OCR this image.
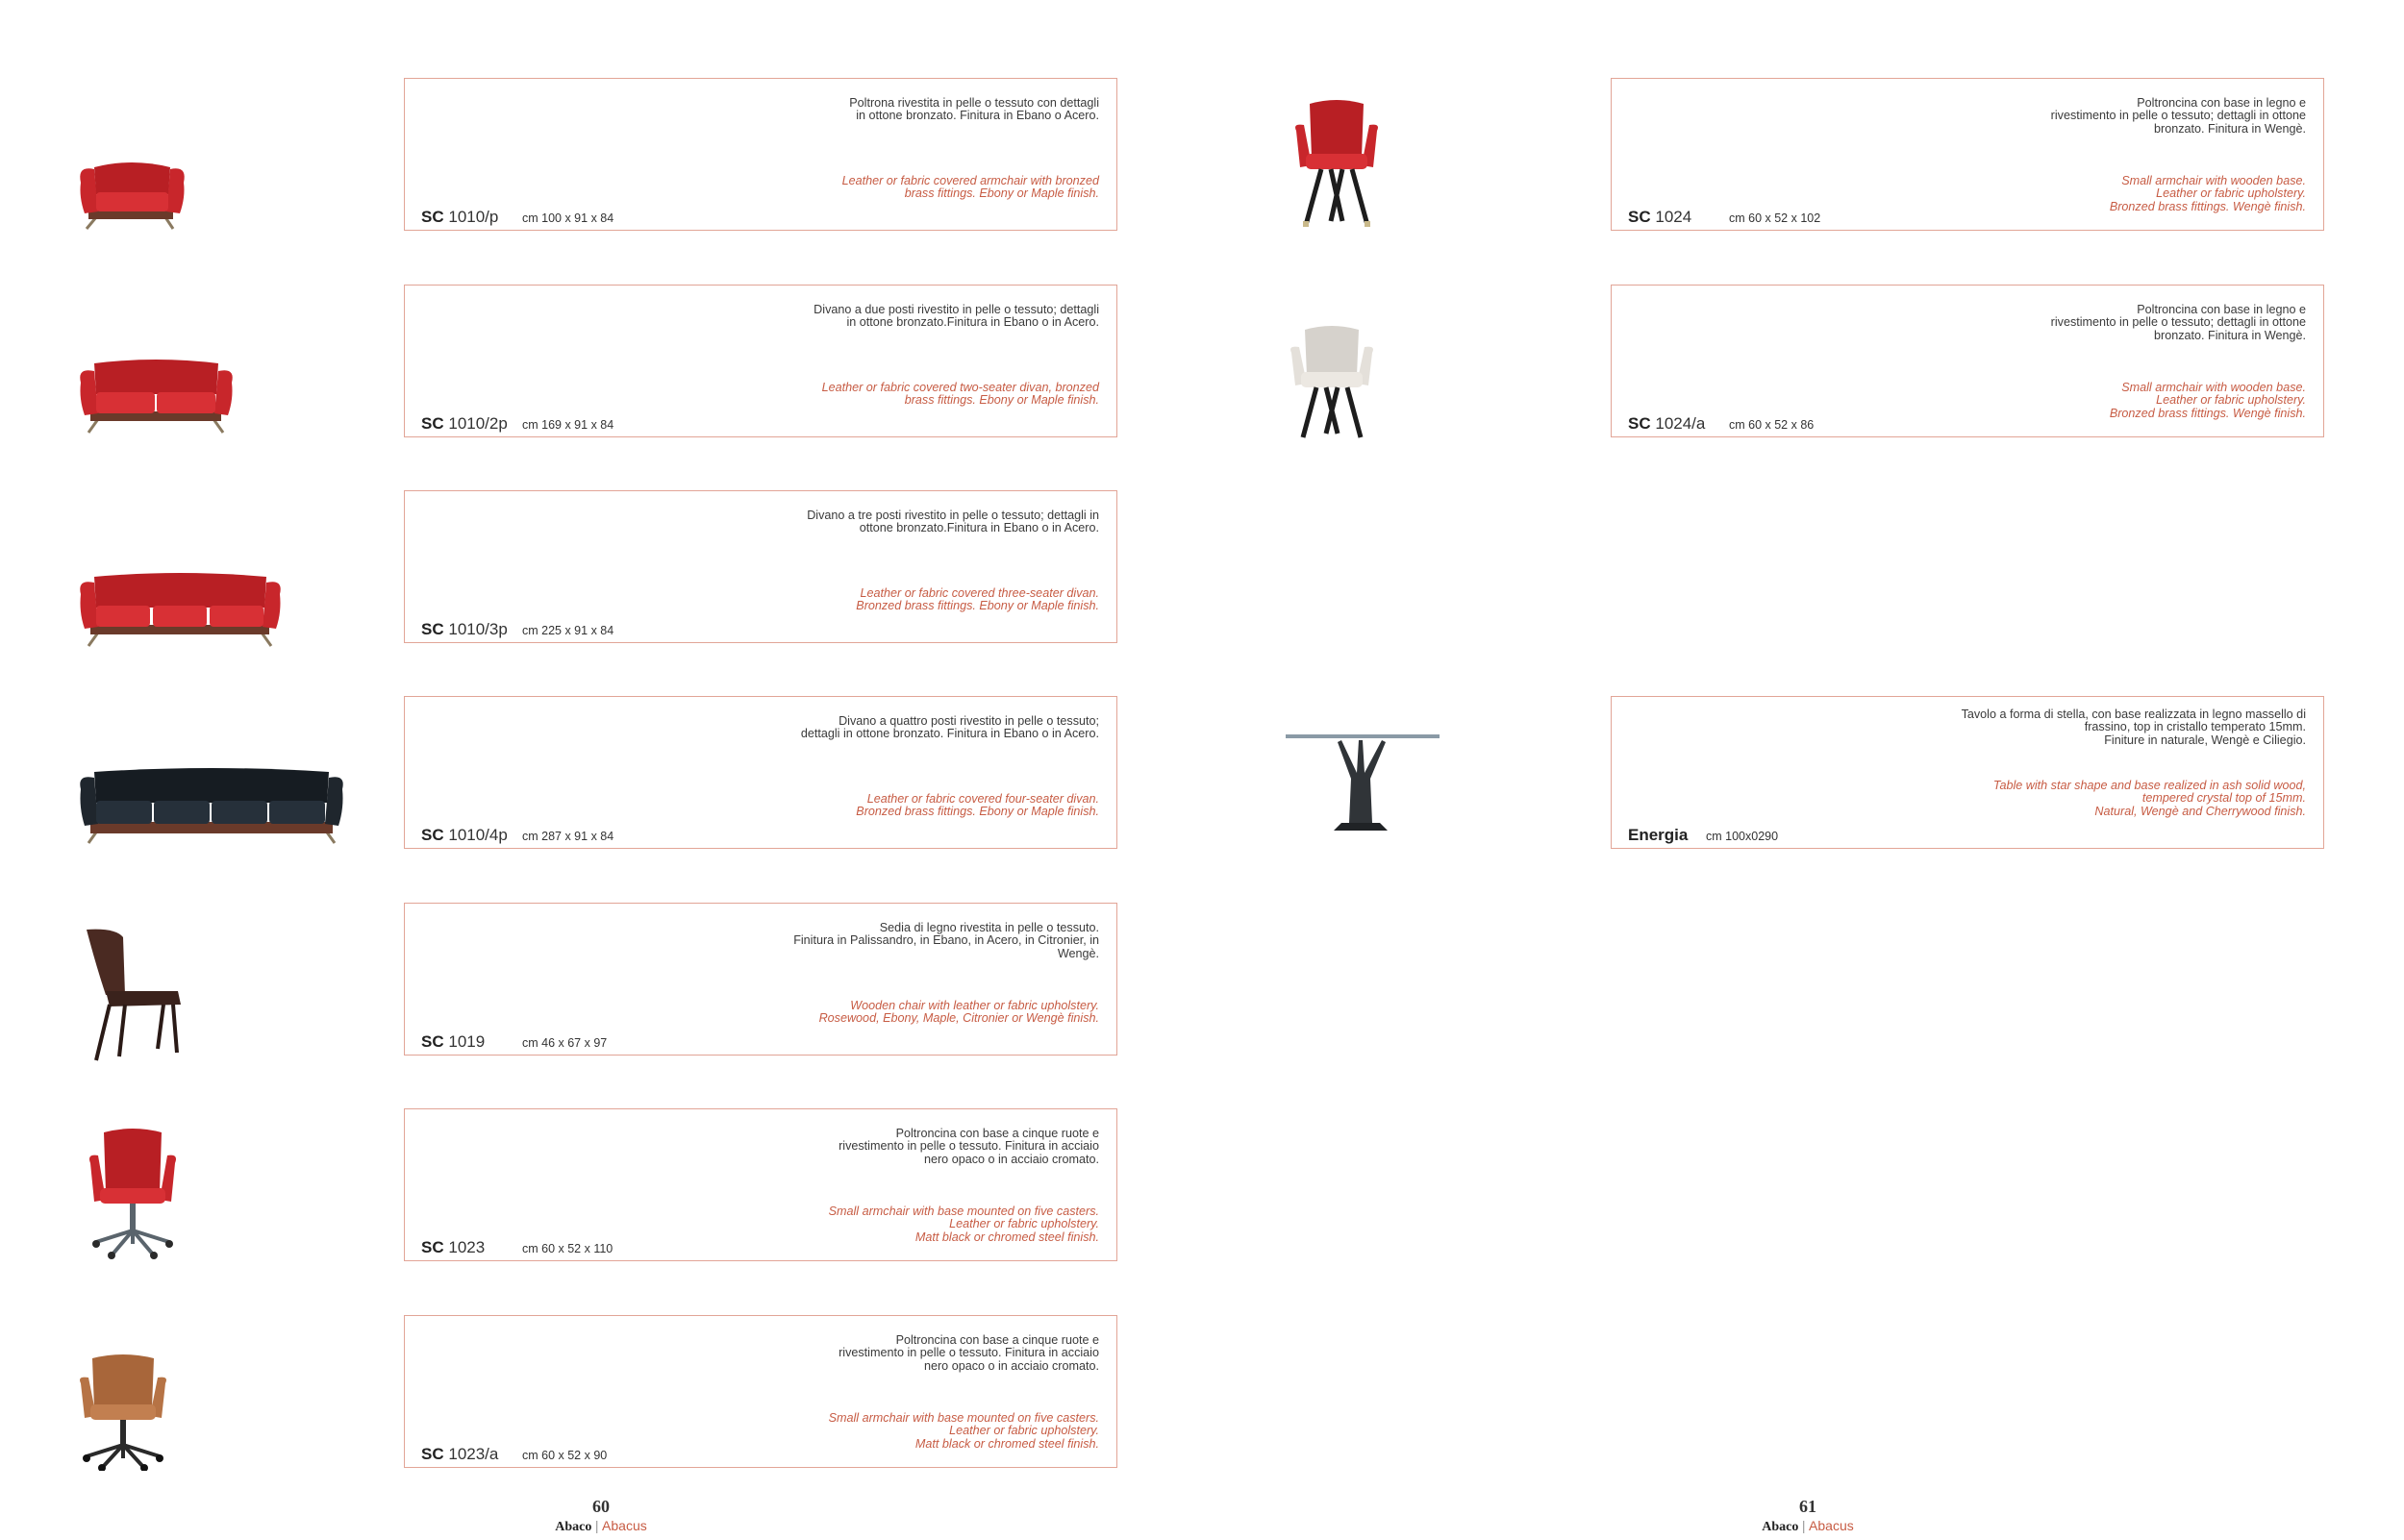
Poltrona rivestita in pelle o tessuto con dettagli
in ottone bronzato. Finitura in Ebano o Acero.
Leather or fabric covered armchair with bronzed
brass fittings. Ebony or Maple finish.
SC 1010/p cm 100 x 91 x 84
Divano a due posti rivestito in pelle o tessuto; dettagli
in ottone bronzato.Finitura in Ebano o in Acero.
Leather or fabric covered two-seater divan, bronzed
brass fittings. Ebony or Maple finish.
SC 1010/2p cm 169 x 91 x 84
Divano a tre posti rivestito in pelle o tessuto; dettagli in
ottone bronzato.Finitura in Ebano o in Acero.
Leather or fabric covered three-seater divan.
Bronzed brass fittings. Ebony or Maple finish.
SC 1010/3p cm 225 x 91 x 84
Divano a quattro posti rivestito in pelle o tessuto;
dettagli in ottone bronzato. Finitura in Ebano o in Acero.
Leather or fabric covered four-seater divan.
Bronzed brass fittings. Ebony or Maple finish.
SC 1010/4p cm 287 x 91 x 84
Sedia di legno rivestita in pelle o tessuto.
Finitura in Palissandro, in Ebano, in Acero, in Citronier, in Wengè.
Wooden chair with leather or fabric upholstery.
Rosewood, Ebony, Maple, Citronier or Wengè finish.
SC 1019	cm 46 x 67 x 97
Poltroncina con base a cinque ruote e
rivestimento in pelle o tessuto. Finitura in acciaio
nero opaco o in acciaio cromato.
Small armchair with base mounted on five casters.
Leather or fabric upholstery.
Matt black or chromed steel finish.
SC 1023	cm 60 x 52 x 110
Poltroncina con base a cinque ruote e
rivestimento in pelle o tessuto. Finitura in acciaio
nero opaco o in acciaio cromato.
Small armchair with base mounted on five casters.
Leather or fabric upholstery.
Matt black or chromed steel finish.
SC 1023/a cm 60 x 52 x 90
60
Abaco | Abacus
Poltroncina con base in legno e
rivestimento in pelle o tessuto; dettagli in ottone
bronzato. Finitura in Wengè.
Small armchair with wooden base.
Leather or fabric upholstery.
Bronzed brass fittings. Wengè finish.
SC 1024	cm 60 x 52 x 102
Poltroncina con base in legno e
rivestimento in pelle o tessuto; dettagli in ottone
bronzato. Finitura in Wengè.
Small armchair with wooden base.
Leather or fabric upholstery.
Bronzed brass fittings. Wengè finish.
SC 1024/a cm 60 x 52 x 86
Tavolo a forma di stella, con base realizzata in legno massello di
frassino, top in cristallo temperato 15mm.
Finiture in naturale, Wengè e Ciliegio.
Table with star shape and base realized in ash solid wood,
tempered crystal top of 15mm.
Natural, Wengè and Cherrywood finish.
Energia cm 100x0290
61
Abaco | Abacus
